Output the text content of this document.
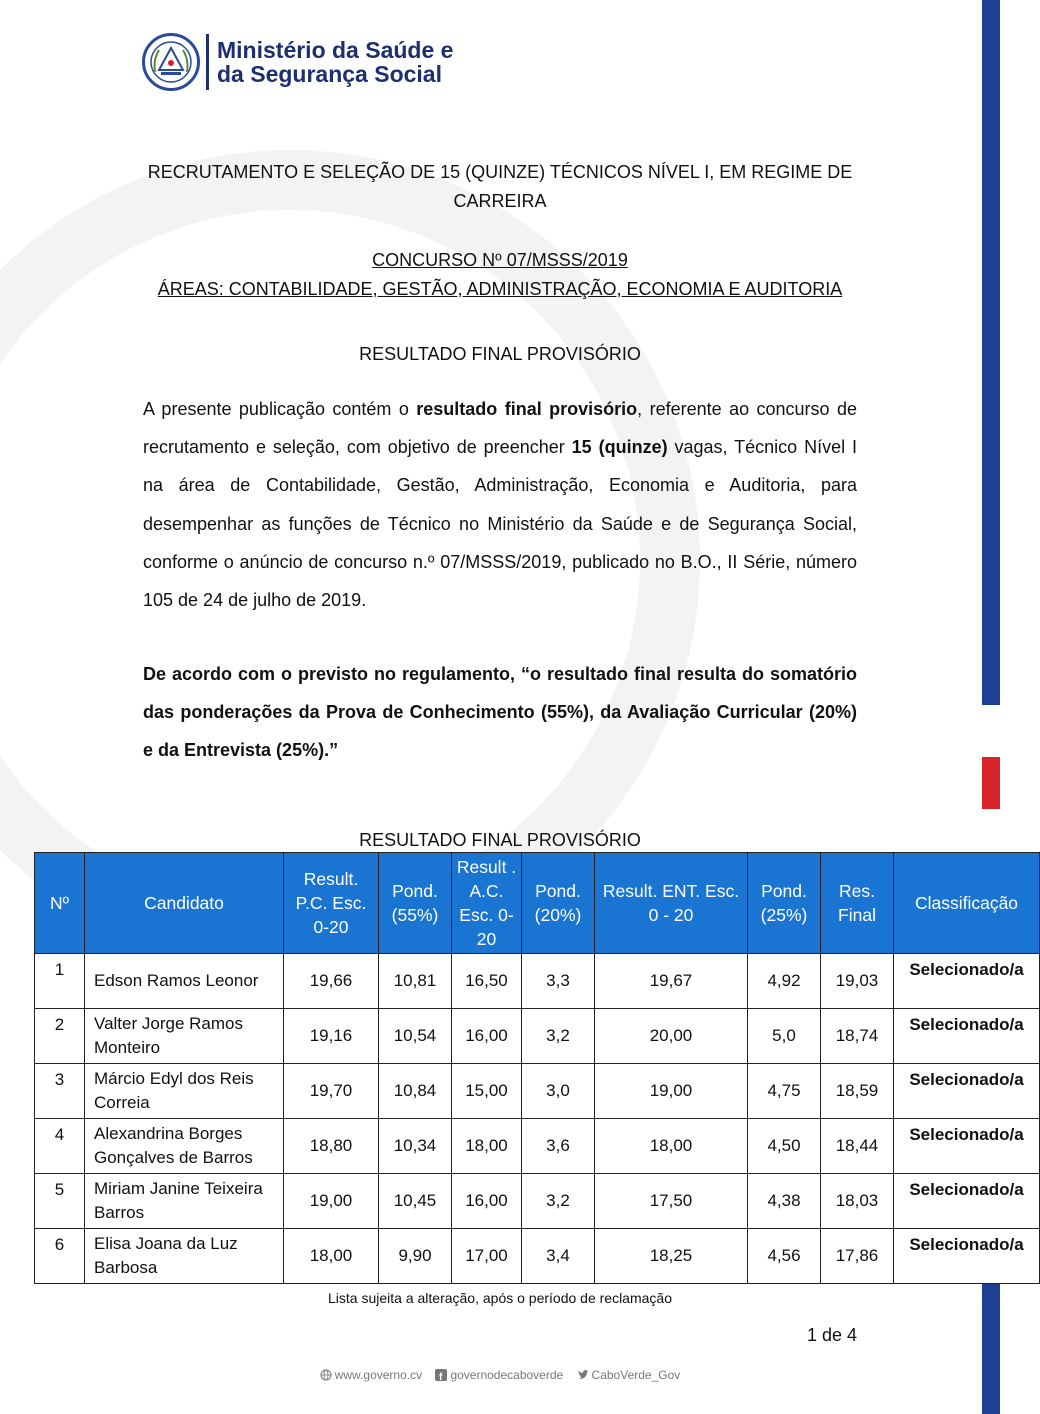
Ministério da Saúde e
da Segurança Social
RECRUTAMENTO E SELEÇÃO DE 15 (QUINZE) TÉCNICOS NÍVEL I, EM REGIME DE CARREIRA
CONCURSO Nº 07/MSSS/2019
ÁREAS: CONTABILIDADE, GESTÃO, ADMINISTRAÇÃO, ECONOMIA E AUDITORIA
RESULTADO FINAL PROVISÓRIO
A presente publicação contém o resultado final provisório, referente ao concurso de recrutamento e seleção, com objetivo de preencher 15 (quinze) vagas, Técnico Nível I na área de Contabilidade, Gestão, Administração, Economia e Auditoria, para desempenhar as funções de Técnico no Ministério da Saúde e de Segurança Social, conforme o anúncio de concurso n.º 07/MSSS/2019, publicado no B.O., II Série, número 105 de 24 de julho de 2019.
De acordo com o previsto no regulamento, “o resultado final resulta do somatório das ponderações da Prova de Conhecimento (55%), da Avaliação Curricular (20%) e da Entrevista (25%).”
RESULTADO FINAL PROVISÓRIO
Nº	Candidato	Result. P.C. Esc. 0-20	Pond. (55%)	Result . A.C. Esc. 0-20	Pond. (20%)	Result. ENT. Esc. 0 - 20	Pond. (25%)	Res. Final	Classificação
1	Edson Ramos Leonor	19,66	10,81	16,50	3,3	19,67	4,92	19,03	Selecionado/a
2	Valter Jorge Ramos Monteiro	19,16	10,54	16,00	3,2	20,00	5,0	18,74	Selecionado/a
3	Márcio Edyl dos Reis Correia	19,70	10,84	15,00	3,0	19,00	4,75	18,59	Selecionado/a
4	Alexandrina Borges Gonçalves de Barros	18,80	10,34	18,00	3,6	18,00	4,50	18,44	Selecionado/a
5	Miriam Janine Teixeira Barros	19,00	10,45	16,00	3,2	17,50	4,38	18,03	Selecionado/a
6	Elisa Joana da Luz Barbosa	18,00	9,90	17,00	3,4	18,25	4,56	17,86	Selecionado/a
Lista sujeita a alteração, após o período de reclamação
1 de 4
www.governo.cv f governodecaboverde CaboVerde_Gov
